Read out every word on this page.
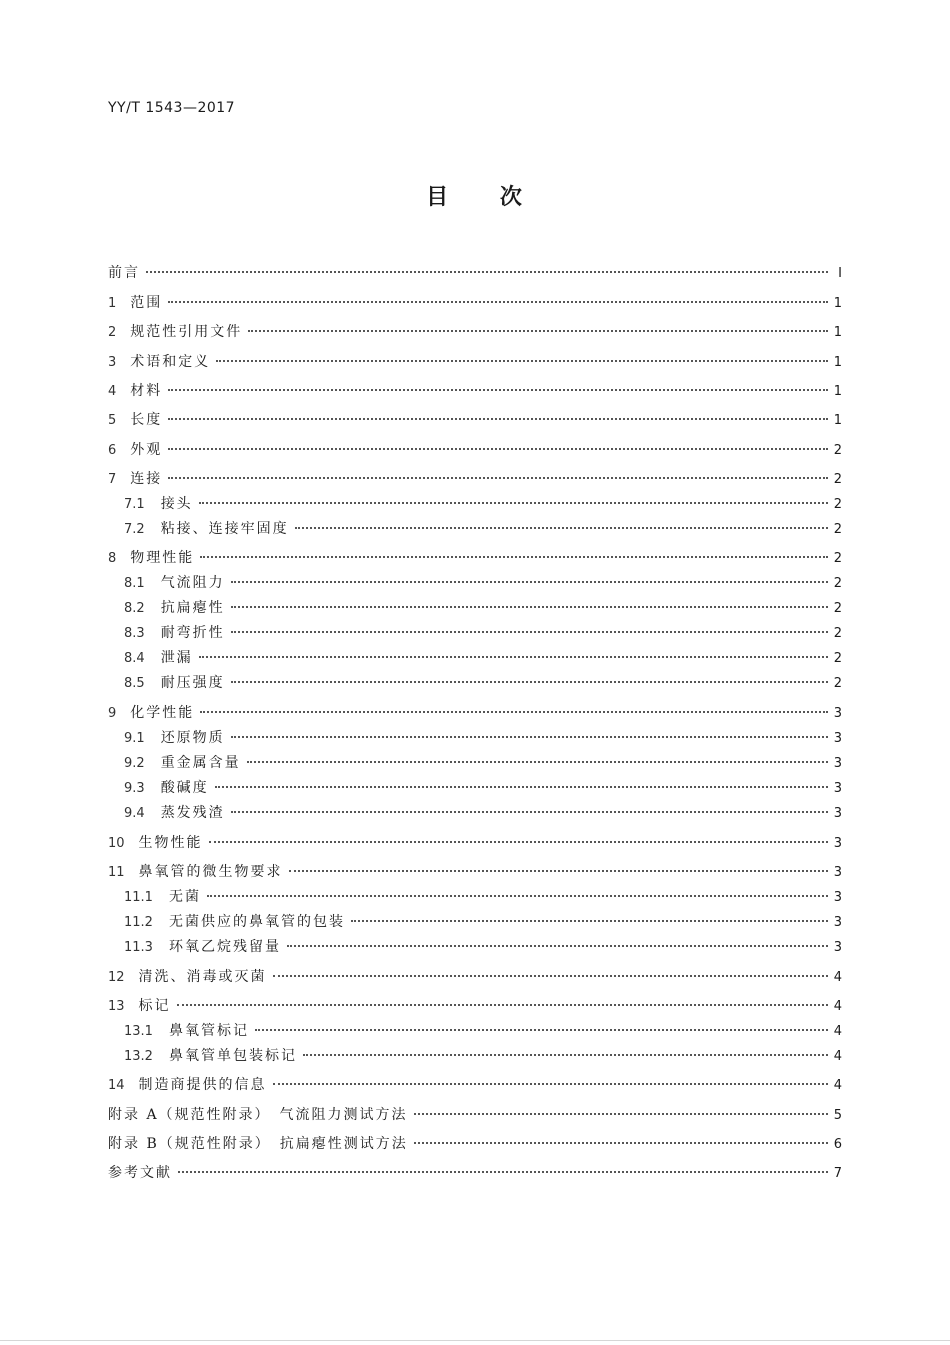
YY/T 1543—2017
目 次
前言	Ⅰ
1 范围	1
2 规范性引用文件	1
3 术语和定义	1
4 材料	1
5 长度	1
6 外观	2
7 连接	2
7.1 接头	2
7.2 粘接、连接牢固度	2
8 物理性能	2
8.1 气流阻力	2
8.2 抗扁瘪性	2
8.3 耐弯折性	2
8.4 泄漏	2
8.5 耐压强度	2
9 化学性能	3
9.1 还原物质	3
9.2 重金属含量	3
9.3 酸碱度	3
9.4 蒸发残渣	3
10 生物性能	3
11 鼻氧管的微生物要求	3
11.1 无菌	3
11.2 无菌供应的鼻氧管的包装	3
11.3 环氧乙烷残留量	3
12 清洗、消毒或灭菌	4
13 标记	4
13.1 鼻氧管标记	4
13.2 鼻氧管单包装标记	4
14 制造商提供的信息	4
附录 A（规范性附录）　气流阻力测试方法	5
附录 B（规范性附录）　抗扁瘪性测试方法	6
参考文献	7
